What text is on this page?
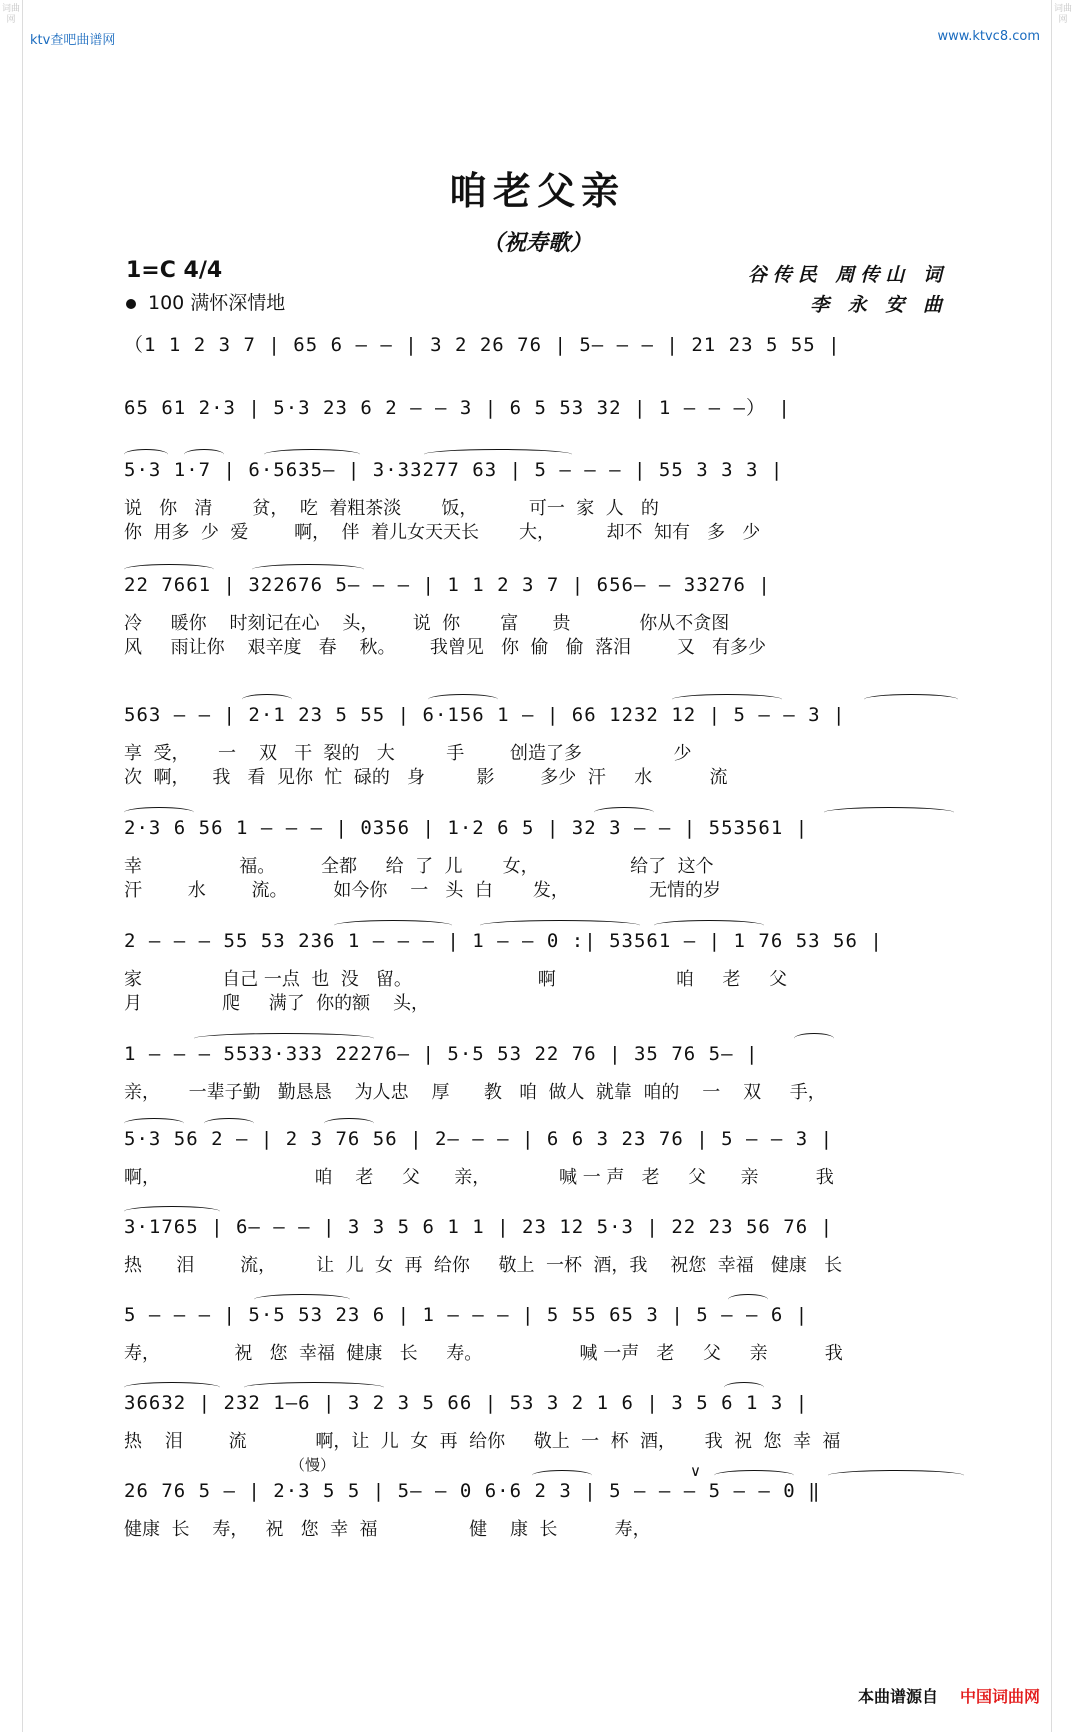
词曲网
词曲网
ktv查吧曲谱网	www.ktvc8.com
咱老父亲
（祝寿歌）
1=C 4/4
100 满怀深情地
谷传民 周传山 词
李 永 安 曲
（1 1 2 3 7 | 65 6 — — | 3 2 26 76 | 5— — — | 21 23 5 55 |
65 61 2·3 | 5·3 23 6 2 — — 3 | 6 5 53 32 | 1 — — —） |
5·3 1·7 | 6·5635— | 3·33277 63 | 5 — — — | 55 3 3 3 |
说   你   清       贫，  吃  着粗茶淡       饭，         可一  家  人   的
你  用多  少  爱        啊，  伴  着儿女天天长       大，         却不  知有   多   少
22 7661 | 322676 5— — — | 1 1 2 3 7 | 656— — 33276 |
冷     暖你    时刻记在心    头，      说  你       富      贵            你从不贪图
风     雨让你    艰辛度   春    秋。      我曾见   你  偷   偷  落泪        又   有多少
563 — — | 2·1 23 5 55 | 6·156 1 — | 66 1232 12 | 5 — — 3 |
享  受，     一    双   干  裂的   大         手        创造了多                少
次  啊，    我   看  见你  忙  碌的   身         影        多少  汗     水          流
2·3 6 56 1 — — — | 0356 | 1·2 6 5 | 32 3 — — | 553561 |
幸                 福。        全都     给  了  儿       女，                给了  这个
汗        水        流。        如今你    一   头  白       发，              无情的岁
2 — — — 55 53 236 1 — — — | 1 — — 0 :| 53561 — | 1 76 53 56 |
家              自己 一点  也  没   留。                      啊                     咱     老     父
月              爬     满了  你的额    头，
1 — — — 5533·333 22276— | 5·5 53 22 76 | 35 76 5— |
亲，     一辈子勤   勤恳恳    为人忠    厚      教   咱  做人  就靠  咱的    一    双     手，
5·3 56 2 — | 2 3 76 56 | 2— — — | 6 6 3 23 76 | 5 — — 3 |
啊，                           咱    老     父      亲，            喊 一 声   老     父      亲          我
3·1765 | 6— — — | 3 3 5 6 1 1 | 23 12 5·3 | 22 23 56 76 |
热      泪        流，       让  儿  女  再  给你     敬上  一杯  酒，我    祝您  幸福   健康   长
5 — — — | 5·5 53 23 6 | 1 — — — | 5 55 65 3 | 5 — — 6 |
寿，             祝   您  幸福  健康   长     寿。                 喊 一声   老     父     亲          我
36632 | 232 1—6 | 3 2 3 5 66 | 53 3 2 1 6 | 3 5 6 1 3 |
热    泪        流            啊，让  儿  女  再  给你     敬上  一  杯  酒，     我  祝  您  幸  福
（慢）	∨
26 76 5 — | 2·3 5 5 | 5— — 0 6·6 2 3 | 5 — — — 5 — — 0 ‖
健康  长    寿，   祝   您  幸  福                健    康  长          寿，
本曲谱源自 中国词曲网
